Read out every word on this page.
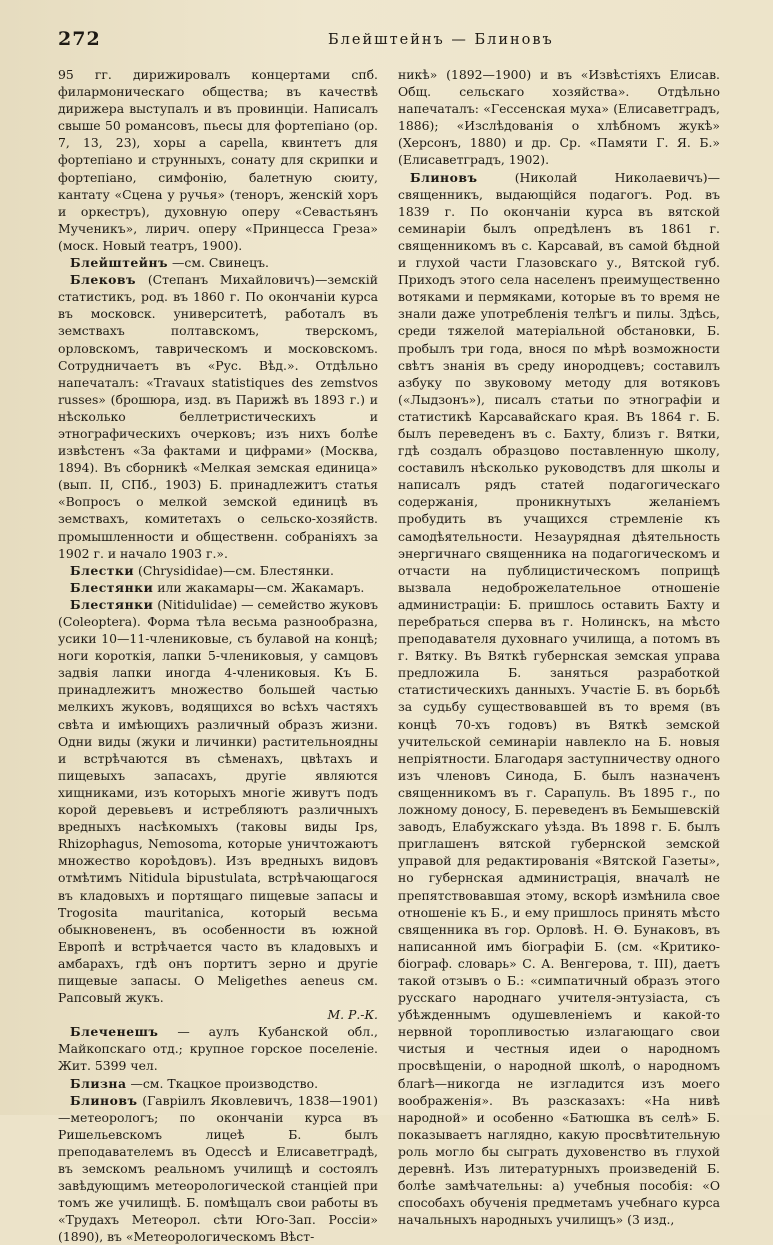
272	Блейштейнъ — Блиновъ

95 гг. дирижировалъ концертами спб. филармоническаго общества; въ качествѣ дирижера выступалъ и въ провинціи. Написалъ свыше 50 романсовъ, пьесы для фортепіано (ор. 7, 13, 23), хоры а capella, квинтетъ для фортепіано и струнныхъ, сонату для скрипки и фортепіано, симфонію, балетную сюиту, кантату «Сцена у ручья» (теноръ, женскій хоръ и оркестръ), духовную оперу «Севастьянъ Мученикъ», лирич. оперу «Принцесса Греза» (моск. Новый театръ, 1900).

Блейштейнъ —см. Свинецъ.

Блековъ (Степанъ Михайловичъ)—земскій статистикъ, род. въ 1860 г. По окончаніи курса въ московск. университетѣ, работалъ въ земствахъ полтавскомъ, тверскомъ, орловскомъ, таврическомъ и московскомъ. Сотрудничаетъ въ «Рус. Вѣд.». Отдѣльно напечаталъ: «Travaux statistiques des zemstvos russes» (брошюра, изд. въ Парижѣ въ 1893 г.) и нѣсколько беллетристическихъ и этнографическихъ очерковъ; изъ нихъ болѣе извѣстенъ «За фактами и цифрами» (Москва, 1894). Въ сборникѣ «Мелкая земская единица» (вып. II, СПб., 1903) Б. принадлежитъ статья «Вопросъ о мелкой земской единицѣ въ земствахъ, комитетахъ о сельско-хозяйств. промышленности и общественн. собраніяхъ за 1902 г. и начало 1903 г.».

Блестки (Chrysididae)—см. Блестянки.

Блестянки или жакамары—см. Жакамаръ.

Блестянки (Nitidulidae) — семейство жуковъ (Coleoptera). Форма тѣла весьма разнообразна, усики 10—11-члениковые, съ булавой на концѣ; ноги короткія, лапки 5-члениковыя, у самцовъ задвія лапки иногда 4-члениковыя. Къ Б. принадлежитъ множество большей частью мелкихъ жуковъ, водящихся во всѣхъ частяхъ свѣта и имѣющихъ различный образъ жизни. Одни виды (жуки и личинки) растительноядны и встрѣчаются въ сѣменахъ, цвѣтахъ и пищевыхъ запасахъ, другіе являются хищниками, изъ которыхъ многіе живутъ подъ корой деревьевъ и истребляютъ различныхъ вредныхъ насѣкомыхъ (таковы виды Ips, Rhizophagus, Nemosoma, которые уничтожаютъ множество короѣдовъ). Изъ вредныхъ видовъ отмѣтимъ Nitidula bipustulata, встрѣчающагося въ кладовыхъ и портящаго пищевые запасы и Trogosita mauritanica, который весьма обыкновененъ, въ особенности въ южной Европѣ и встрѣчается часто въ кладовыхъ и амбарахъ, гдѣ онъ портитъ зерно и другіе пищевые запасы. О Meligethes aeneus см. Рапсовый жукъ.

М. Р.-К.

Блеченешъ — аулъ Кубанской обл., Майкопскаго отд.; крупное горское поселеніе. Жит. 5399 чел.

Близна —см. Ткацкое производство.

Блиновъ (Гаврiилъ Яковлевичъ, 1838—1901)—метеорологъ; по окончаніи курса въ Ришельевскомъ лицеѣ Б. былъ преподавателемъ въ Одессѣ и Елисаветградѣ, въ земскомъ реальномъ училищѣ и состоялъ завѣдующимъ метеорологической станціей при томъ же училищѣ. Б. помѣщалъ свои работы въ «Трудахъ Метеорол. сѣти Юго-Зап. Россіи» (1890), въ «Метеорологическомъ Вѣст-

никѣ» (1892—1900) и въ «Извѣстіяхъ Елисав. Общ. сельскаго хозяйства». Отдѣльно напечаталъ: «Гессенская муха» (Елисаветградъ, 1886); «Изслѣдованія о хлѣбномъ жукѣ» (Херсонъ, 1880) и др. Ср. «Памяти Г. Я. Б.» (Елисаветградъ, 1902).

Блиновъ (Николай Николаевичъ)—священникъ, выдающійся подагогъ. Род. въ 1839 г. По окончаніи курса въ вятской семинаріи былъ опредѣленъ въ 1861 г. священникомъ въ с. Карсавай, въ самой бѣдной и глухой части Глазовскаго у., Вятской губ. Приходъ этого села населенъ преимущественно вотяками и пермяками, которые въ то время не знали даже употребленія телѣгъ и пилы. Здѣсь, среди тяжелой матеріальной обстановки, Б. пробылъ три года, внося по мѣрѣ возможности свѣтъ знанія въ среду инородцевъ; составилъ азбуку по звуковому методу для вотяковъ («Лыдзонъ»), писалъ статьи по этнографіи и статистикѣ Карсавайскаго края. Въ 1864 г. Б. былъ переведенъ въ с. Бахту, близъ г. Вятки, гдѣ создалъ образцово поставленную школу, составилъ нѣсколько руководствъ для школы и написалъ рядъ статей подагогическаго содержанія, проникнутыхъ желаніемъ пробудить въ учащихся стремленіе къ самодѣятельности. Незаурядная дѣятельность энергичнаго священника на подагогическомъ и отчасти на публицистическомъ поприщѣ вызвала недоброжелательное отношеніе администраціи: Б. пришлось оставить Бахту и перебраться сперва въ г. Нолинскъ, на мѣсто преподавателя духовнаго училища, а потомъ въ г. Вятку. Въ Вяткѣ губернская земская управа предложила Б. заняться разработкой статистическихъ данныхъ. Участіе Б. въ борьбѣ за судьбу существовавшей въ то время (въ концѣ 70-хъ годовъ) въ Вяткѣ земской учительской семинаріи навлекло на Б. новыя непріятности. Благодаря заступничеству одного изъ членовъ Синода, Б. былъ назначенъ священникомъ въ г. Сарапуль. Въ 1895 г., по ложному доносу, Б. переведенъ въ Бемышевскій заводъ, Елабужскаго уѣзда. Въ 1898 г. Б. былъ приглашенъ вятской губернской земской управой для редактированія «Вятской Газеты», но губернская администрація, вначалѣ не препятствовавшая этому, вскорѣ измѣнила свое отношеніе къ Б., и ему пришлось принять мѣсто священника въ гор. Орловѣ. Н. Ѳ. Бунаковъ, въ написанной имъ біографіи Б. (см. «Критико-біограф. словарь» С. А. Венгерова, т. III), даетъ такой отзывъ о Б.: «симпатичный образъ этого русскаго народнаго учителя-энтузіаста, съ убѣжденнымъ одушевленіемъ и какой-то нервной торопливостью излагающаго свои чистыя и честныя идеи о народномъ просвѣщеніи, о народной школѣ, о народномъ благѣ—никогда не изгладится изъ моего воображенія». Въ разсказахъ: «На нивѣ народной» и особенно «Батюшка въ селѣ» Б. показываетъ наглядно, какую просвѣтительную роль могло бы сыграть духовенство въ глухой деревнѣ. Изъ литературныхъ произведеній Б. болѣе замѣчательны: а) учебныя пособія: «О способахъ обученія предметамъ учебнаго курса начальныхъ народныхъ училищъ» (3 изд.,
